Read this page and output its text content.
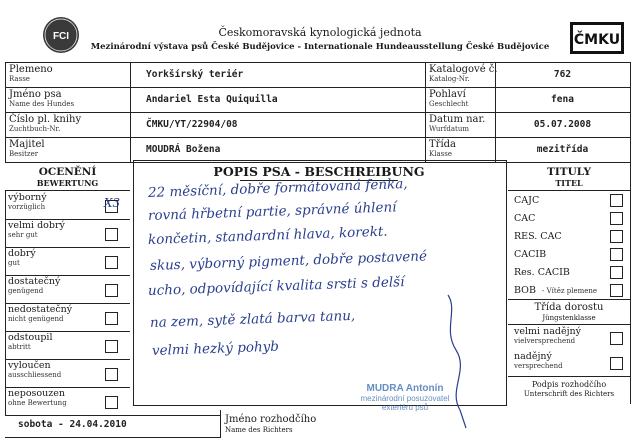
FCI	Českomoravská kynologická jednota
Mezinárodní výstava psů České Budějovice - Internationale Hundeausstellung České Budějovice	ČMKU
Plemeno
Rasse	Yorkšírský teriér
Jméno psa
Name des Hundes	Andariel Esta Quiquilla
Číslo pl. knihy
Zuchtbuch-Nr.	ČMKU/YT/22904/08
Majitel
Besitzer	MOUDRÁ Božena
Katalogové č.
Katalog-Nr.	762
Pohlaví
Geschlecht	fena
Datum nar.
Wurfdatum	05.07.2008
Třída
Klasse	mezitřída
OCENĚNÍ
BEWERTUNG
výborný
vorzüglich	X3
velmi dobrý
sehr gut
dobrý
gut
dostatečný
genügend
nedostatečný
nicht genügend
odstoupil
abtritt
vyloučen
ausschliessend
neposouzen
ohne Bewertung
POPIS PSA - BESCHREIBUNG
22 měsíční, dobře formátovaná fenka,
rovná hřbetní partie, správné úhlení
končetin, standardní hlava, korekt.
skus, výborný pigment, dobře postavené
ucho, odpovídající kvalita srsti s delší
na zem, sytě zlatá barva tanu,
velmi hezký pohyb
MUDRA Antonín
mezinárodní posuzovatel
exteriéru psů
TITULY
TITEL
CAJC
CAC
RES. CAC
CACIB
Res. CACIB
BOB - Vítěz plemene
Třída dorostu
Jüngstenklasse
velmi nadějný
vielversprechend
nadějný
versprechend
Podpis rozhodčího
Unterschrift des Richters
sobota - 24.04.2010	Jméno rozhodčího
Name des Richters
